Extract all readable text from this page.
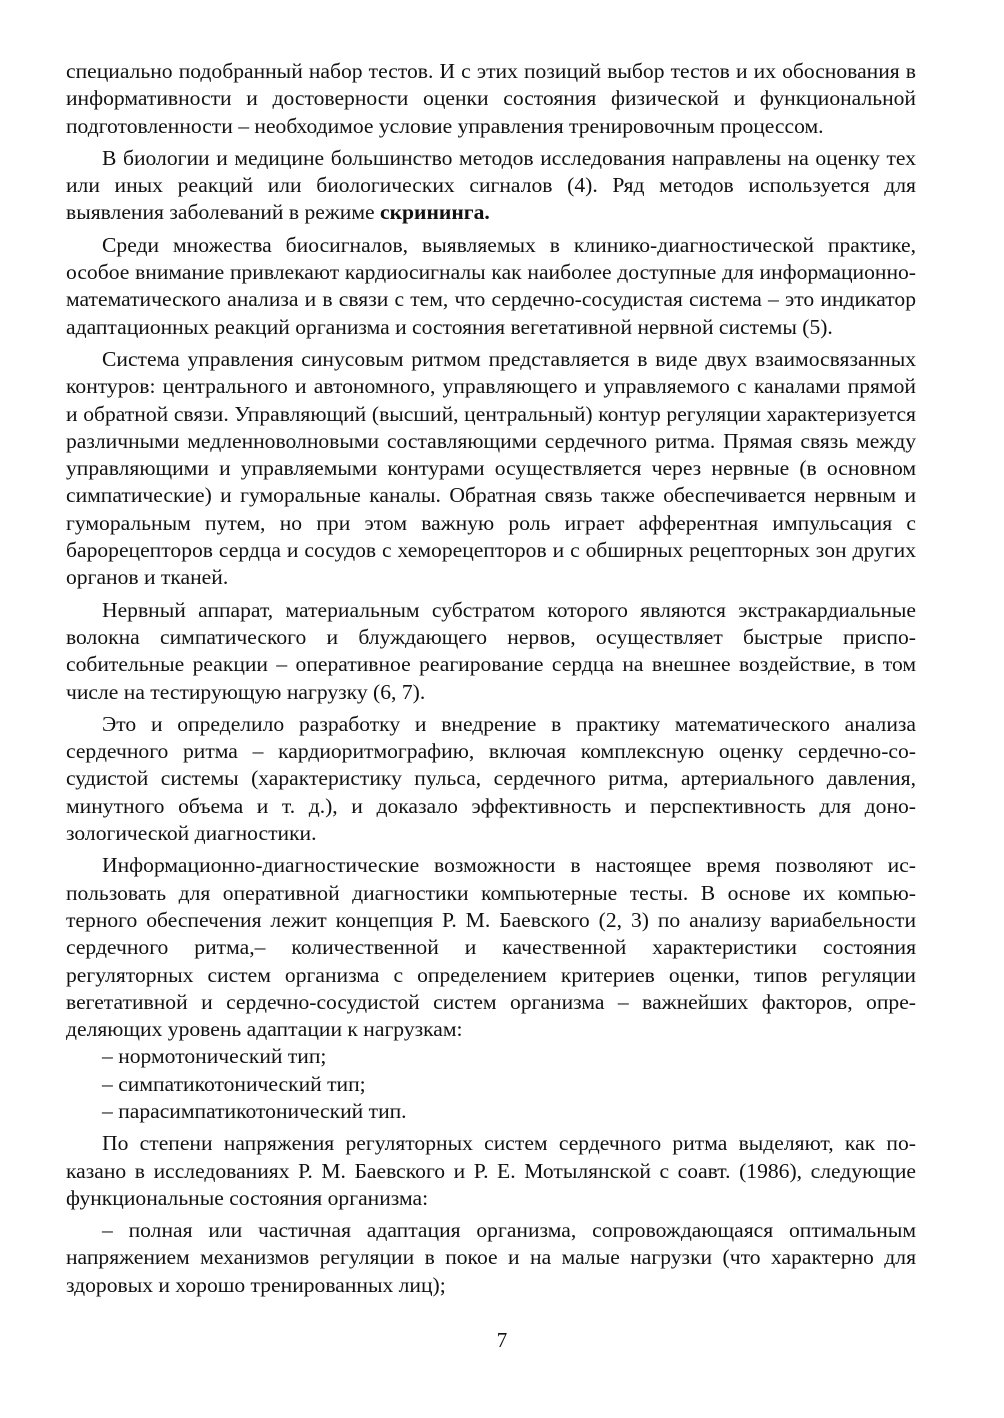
специально подобранный набор тестов. И с этих позиций выбор тестов и их обоснования в информативности и достоверности оценки состояния физической и функциональной подготовленности – необходимое условие управления тренировочным процессом.

В биологии и медицине большинство методов исследования направлены на оценку тех или иных реакций или биологических сигналов (4). Ряд методов используется для выявления заболеваний в режиме скрининга.

Среди множества биосигналов, выявляемых в клинико-диагностической практике, особое внимание привлекают кардиосигналы как наиболее доступные для информационно-математического анализа и в связи с тем, что сердечно-сосудистая система – это индикатор адаптационных реакций организма и состояния вегетативной нервной системы (5).

Система управления синусовым ритмом представляется в виде двух взаимосвязанных контуров: центрального и автономного, управляющего и управляемого с каналами прямой и обратной связи. Управляющий (высший, центральный) контур регуляции характеризуется различными медленноволновыми составляющими сердечного ритма. Прямая связь между управляющими и управляемыми контурами осуществляется через нервные (в основном симпатические) и гуморальные каналы. Обратная связь также обеспечивается нервным и гуморальным путем, но при этом важную роль играет афферентная импульсация с барорецепторов сердца и сосудов с хеморецепторов и с обширных рецепторных зон других органов и тканей.

Нервный аппарат, материальным субстратом которого являются экстракардиальные волокна симпатического и блуждающего нервов, осуществляет быстрые приспособительные реакции – оперативное реагирование сердца на внешнее воздействие, в том числе на тестирующую нагрузку (6, 7).

Это и определило разработку и внедрение в практику математического анализа сердечного ритма – кардиоритмографию, включая комплексную оценку сердечно-сосудистой системы (характеристику пульса, сердечного ритма, артериального давления, минутного объема и т. д.), и доказало эффективность и перспективность для донозологической диагностики.

Информационно-диагностические возможности в настоящее время позволяют использовать для оперативной диагностики компьютерные тесты. В основе их компьютерного обеспечения лежит концепция Р. М. Баевского (2, 3) по анализу вариабельности сердечного ритма,– количественной и качественной характеристики состояния регуляторных систем организма с определением критериев оценки, типов регуляции вегетативной и сердечно-сосудистой систем организма – важнейших факторов, определяющих уровень адаптации к нагрузкам:

– нормотонический тип;

– симпатикотонический тип;

– парасимпатикотонический тип.

По степени напряжения регуляторных систем сердечного ритма выделяют, как показано в исследованиях Р. М. Баевского и Р. Е. Мотылянской с соавт. (1986), следующие функциональные состояния организма:

– полная или частичная адаптация организма, сопровождающаяся оптимальным напряжением механизмов регуляции в покое и на малые нагрузки (что характерно для здоровых и хорошо тренированных лиц);

7
